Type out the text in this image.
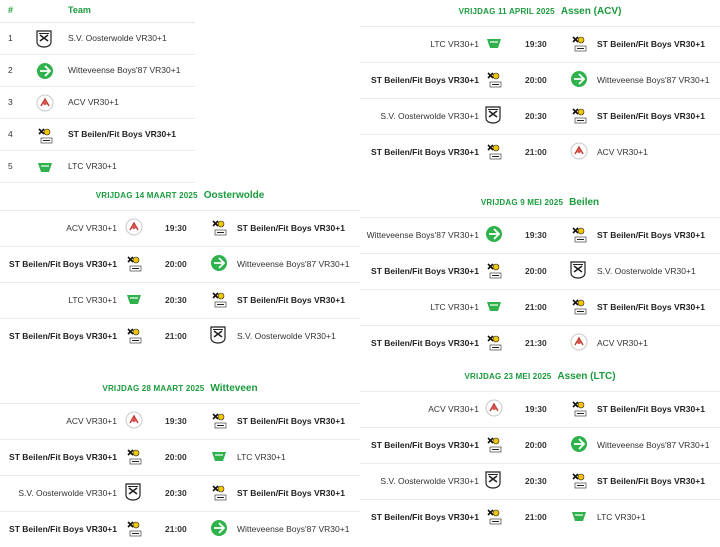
#	Team
1	S.V. Oosterwolde VR30+1
2	Witteveense Boys'87 VR30+1
3	ACV VR30+1
4	ST Beilen/Fit Boys VR30+1
5	LTC VR30+1
VRIJDAG 14 MAART 2025 Oosterwolde
ACV VR30+1	19:30	ST Beilen/Fit Boys VR30+1
ST Beilen/Fit Boys VR30+1	20:00	Witteveense Boys'87 VR30+1
LTC VR30+1	20:30	ST Beilen/Fit Boys VR30+1
ST Beilen/Fit Boys VR30+1	21:00	S.V. Oosterwolde VR30+1
VRIJDAG 28 MAART 2025 Witteveen
ACV VR30+1	19:30	ST Beilen/Fit Boys VR30+1
ST Beilen/Fit Boys VR30+1	20:00	LTC VR30+1
S.V. Oosterwolde VR30+1	20:30	ST Beilen/Fit Boys VR30+1
ST Beilen/Fit Boys VR30+1	21:00	Witteveense Boys'87 VR30+1
VRIJDAG 11 APRIL 2025 Assen (ACV)
LTC VR30+1	19:30	ST Beilen/Fit Boys VR30+1
ST Beilen/Fit Boys VR30+1	20:00	Witteveense Boys'87 VR30+1
S.V. Oosterwolde VR30+1	20:30	ST Beilen/Fit Boys VR30+1
ST Beilen/Fit Boys VR30+1	21:00	ACV VR30+1
VRIJDAG 9 MEI 2025 Beilen
Witteveense Boys'87 VR30+1	19:30	ST Beilen/Fit Boys VR30+1
ST Beilen/Fit Boys VR30+1	20:00	S.V. Oosterwolde VR30+1
LTC VR30+1	21:00	ST Beilen/Fit Boys VR30+1
ST Beilen/Fit Boys VR30+1	21:30	ACV VR30+1
VRIJDAG 23 MEI 2025 Assen (LTC)
ACV VR30+1	19:30	ST Beilen/Fit Boys VR30+1
ST Beilen/Fit Boys VR30+1	20:00	Witteveense Boys'87 VR30+1
S.V. Oosterwolde VR30+1	20:30	ST Beilen/Fit Boys VR30+1
ST Beilen/Fit Boys VR30+1	21:00	LTC VR30+1
